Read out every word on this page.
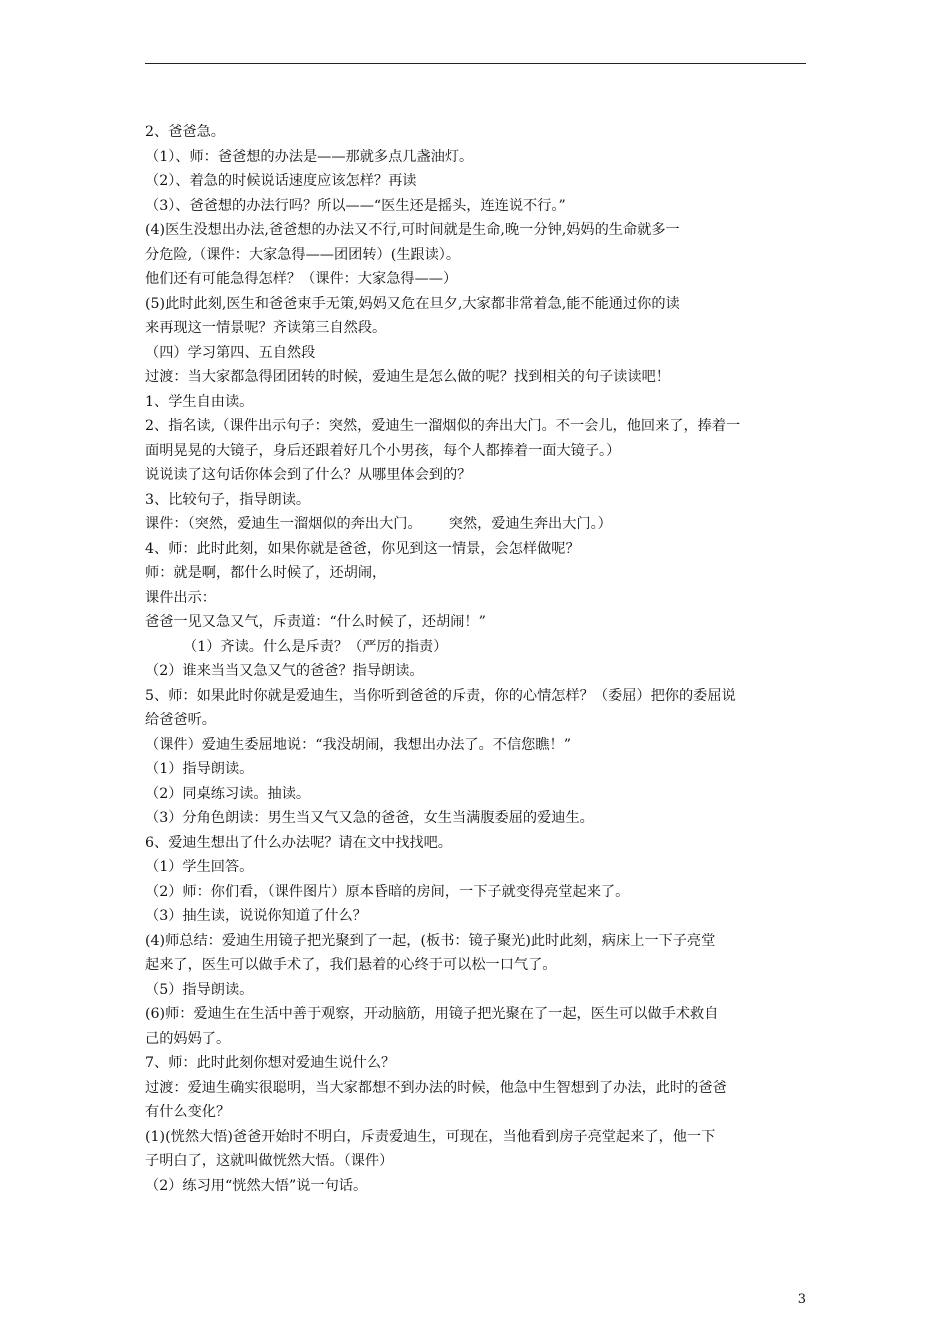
2、爸爸急。
（1）、师：爸爸想的办法是——那就多点几盏油灯。
（2）、着急的时候说话速度应该怎样？再读
（3）、爸爸想的办法行吗？所以——“医生还是摇头，连连说不行。”
(4)医生没想出办法,爸爸想的办法又不行,可时间就是生命,晚一分钟,妈妈的生命就多一
分危险,（课件：大家急得——团团转）(生跟读）。
他们还有可能急得怎样？（课件：大家急得——）
(5)此时此刻,医生和爸爸束手无策,妈妈又危在旦夕,大家都非常着急,能不能通过你的读
来再现这一情景呢？齐读第三自然段。
（四）学习第四、五自然段
过渡：当大家都急得团团转的时候，爱迪生是怎么做的呢？找到相关的句子读读吧！
1、学生自由读。
2、指名读,（课件出示句子：突然，爱迪生一溜烟似的奔出大门。不一会儿，他回来了，捧着一
面明晃晃的大镜子，身后还跟着好几个小男孩，每个人都捧着一面大镜子。）
说说读了这句话你体会到了什么？从哪里体会到的？
3、比较句子，指导朗读。
课件：（突然，爱迪生一溜烟似的奔出大门。      突然，爱迪生奔出大门。）
4、师：此时此刻，如果你就是爸爸，你见到这一情景，会怎样做呢？
师：就是啊，都什么时候了，还胡闹，
课件出示：
爸爸一见又急又气，斥责道：“什么时候了，还胡闹！”
（1）齐读。什么是斥责？（严厉的指责）
（2）谁来当当又急又气的爸爸？指导朗读。
5、师：如果此时你就是爱迪生，当你听到爸爸的斥责，你的心情怎样？（委屈）把你的委屈说
给爸爸听。
（课件）爱迪生委屈地说：“我没胡闹，我想出办法了。不信您瞧！”
（1）指导朗读。
（2）同桌练习读。抽读。
（3）分角色朗读：男生当又气又急的爸爸，女生当满腹委屈的爱迪生。
6、爱迪生想出了什么办法呢？请在文中找找吧。
（1）学生回答。
（2）师：你们看，（课件图片）原本昏暗的房间，一下子就变得亮堂起来了。
（3）抽生读，说说你知道了什么？
(4)师总结：爱迪生用镜子把光聚到了一起，(板书：镜子聚光)此时此刻，病床上一下子亮堂
起来了，医生可以做手术了，我们悬着的心终于可以松一口气了。
（5）指导朗读。
(6)师：爱迪生在生活中善于观察，开动脑筋，用镜子把光聚在了一起，医生可以做手术救自
己的妈妈了。
7、师：此时此刻你想对爱迪生说什么？
过渡：爱迪生确实很聪明，当大家都想不到办法的时候，他急中生智想到了办法，此时的爸爸
有什么变化？
(1)(恍然大悟)爸爸开始时不明白，斥责爱迪生，可现在，当他看到房子亮堂起来了，他一下
子明白了，这就叫做恍然大悟。（课件）
（2）练习用“恍然大悟”说一句话。
3
